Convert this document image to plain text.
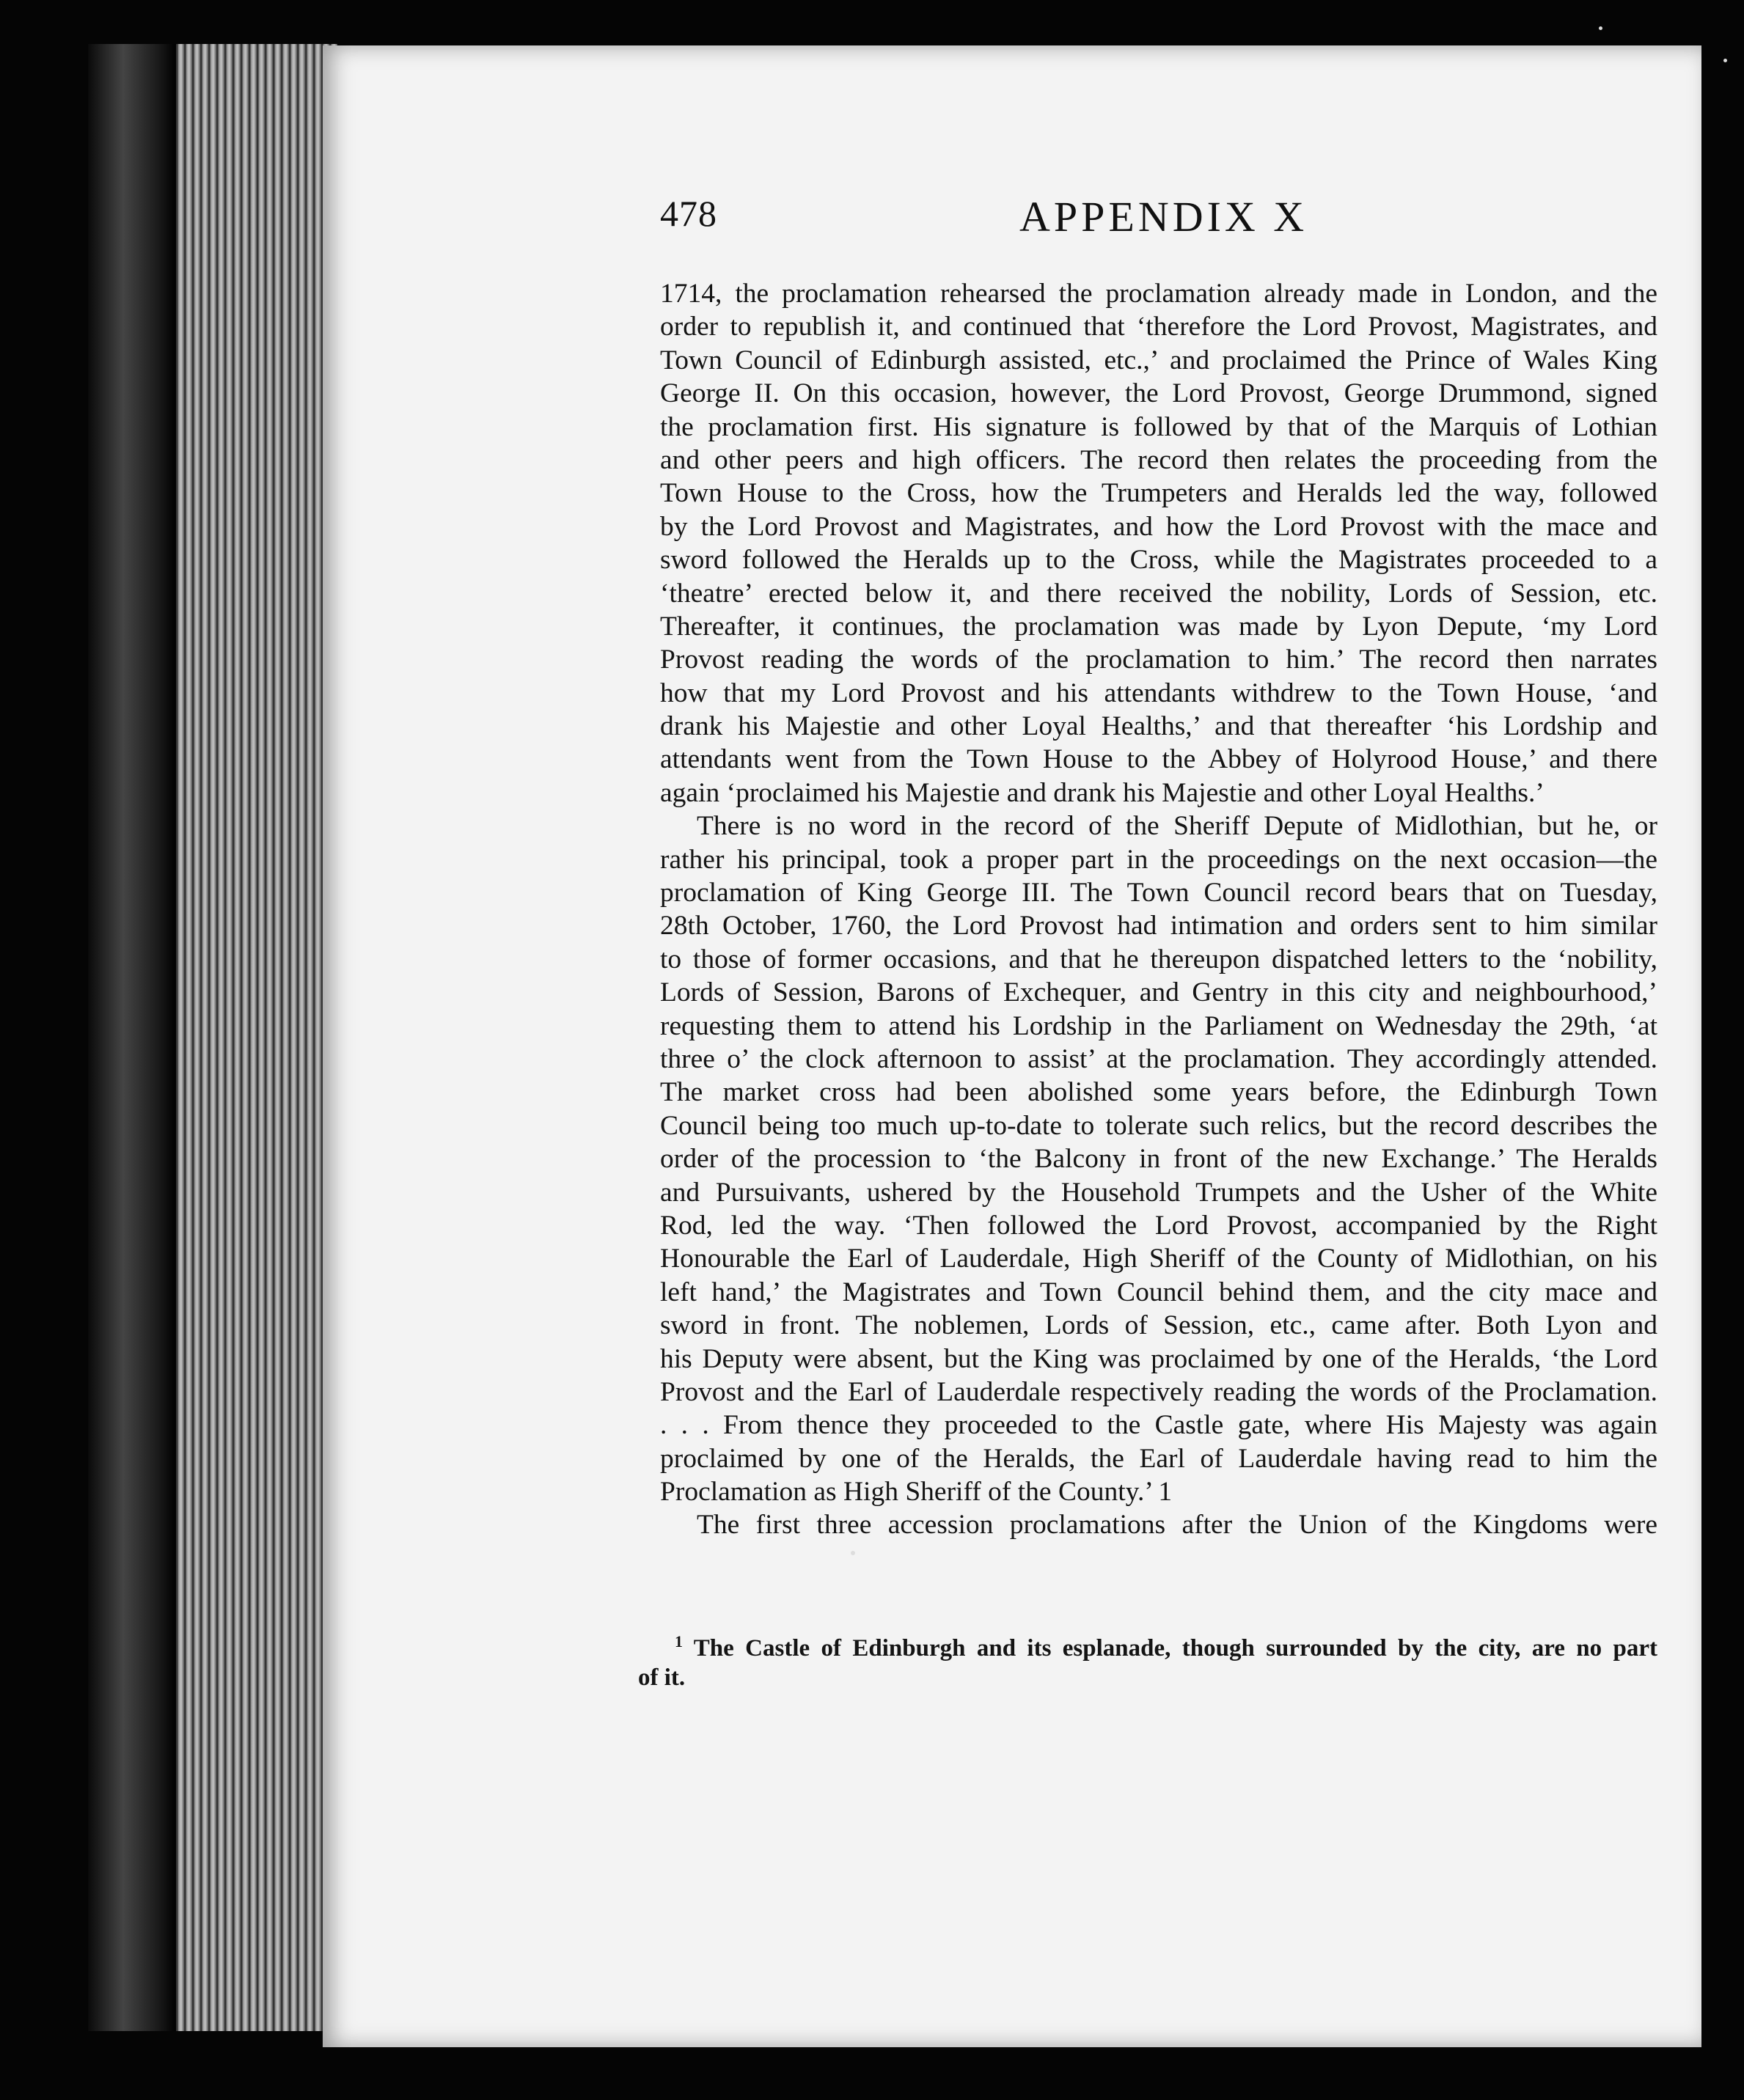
478	APPENDIX X
1714, the proclamation rehearsed the proclamation already made in London, and the
order to republish it, and continued that ‘therefore the Lord Provost, Magistrates, and
Town Council of Edinburgh assisted, etc.,’ and proclaimed the Prince of Wales King
George II. On this occasion, however, the Lord Provost, George Drummond, signed
the proclamation first. His signature is followed by that of the Marquis of Lothian
and other peers and high officers. The record then relates the proceeding from the
Town House to the Cross, how the Trumpeters and Heralds led the way, followed
by the Lord Provost and Magistrates, and how the Lord Provost with the mace and
sword followed the Heralds up to the Cross, while the Magistrates proceeded to a
‘theatre’ erected below it, and there received the nobility, Lords of Session, etc.
Thereafter, it continues, the proclamation was made by Lyon Depute, ‘my Lord
Provost reading the words of the proclamation to him.’ The record then narrates
how that my Lord Provost and his attendants withdrew to the Town House, ‘and
drank his Majestie and other Loyal Healths,’ and that thereafter ‘his Lordship and
attendants went from the Town House to the Abbey of Holyrood House,’ and there
again ‘proclaimed his Majestie and drank his Majestie and other Loyal Healths.’
There is no word in the record of the Sheriff Depute of Midlothian, but he, or
rather his principal, took a proper part in the proceedings on the next occasion—the
proclamation of King George III. The Town Council record bears that on Tuesday,
28th October, 1760, the Lord Provost had intimation and orders sent to him similar
to those of former occasions, and that he thereupon dispatched letters to the ‘nobility,
Lords of Session, Barons of Exchequer, and Gentry in this city and neighbourhood,’
requesting them to attend his Lordship in the Parliament on Wednesday the 29th, ‘at
three o’ the clock afternoon to assist’ at the proclamation. They accordingly attended.
The market cross had been abolished some years before, the Edinburgh Town
Council being too much up-to-date to tolerate such relics, but the record describes the
order of the procession to ‘the Balcony in front of the new Exchange.’ The Heralds
and Pursuivants, ushered by the Household Trumpets and the Usher of the White
Rod, led the way. ‘Then followed the Lord Provost, accompanied by the Right
Honourable the Earl of Lauderdale, High Sheriff of the County of Midlothian, on his
left hand,’ the Magistrates and Town Council behind them, and the city mace and
sword in front. The noblemen, Lords of Session, etc., came after. Both Lyon and
his Deputy were absent, but the King was proclaimed by one of the Heralds, ‘the Lord
Provost and the Earl of Lauderdale respectively reading the words of the Proclamation.
. . . From thence they proceeded to the Castle gate, where His Majesty was again
proclaimed by one of the Heralds, the Earl of Lauderdale having read to him the
Proclamation as High Sheriff of the County.’ 1
The first three accession proclamations after the Union of the Kingdoms were
$^1$ The Castle of Edinburgh and its esplanade, though surrounded by the city, are no part
of it.
